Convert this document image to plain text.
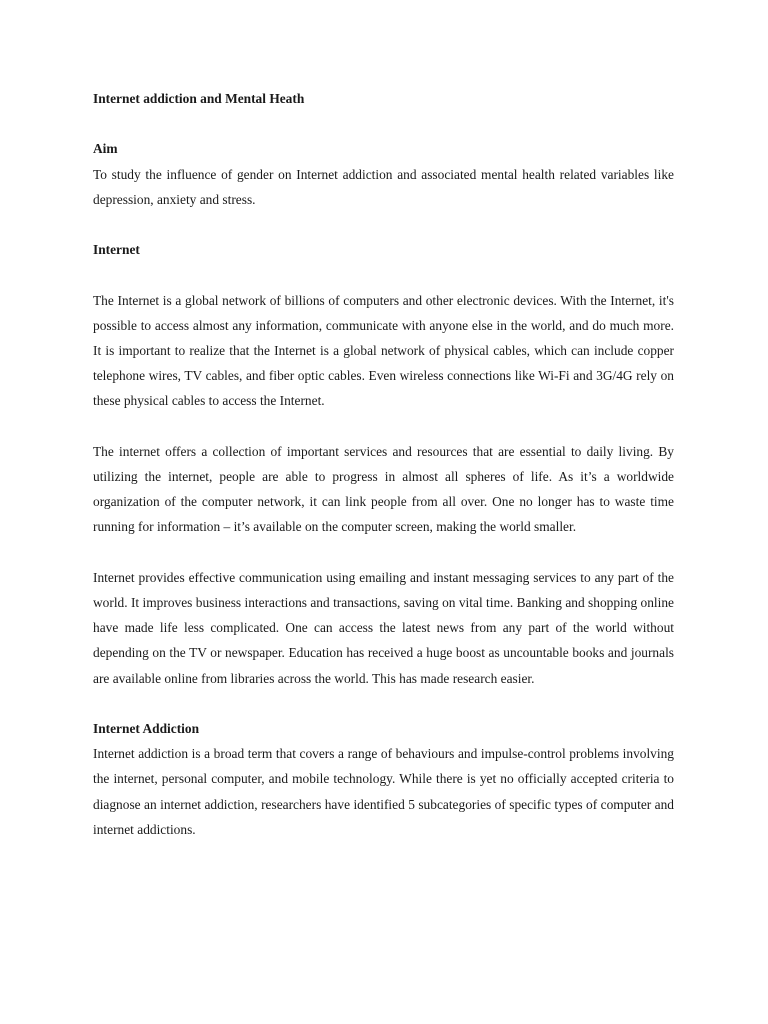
Internet addiction and Mental Heath

Aim

To study the influence of gender on Internet addiction and associated mental health related variables like depression, anxiety and stress.

Internet

The Internet is a global network of billions of computers and other electronic devices. With the Internet, it's possible to access almost any information, communicate with anyone else in the world, and do much more. It is important to realize that the Internet is a global network of physical cables, which can include copper telephone wires, TV cables, and fiber optic cables. Even wireless connections like Wi-Fi and 3G/4G rely on these physical cables to access the Internet.

The internet offers a collection of important services and resources that are essential to daily living. By utilizing the internet, people are able to progress in almost all spheres of life. As it’s a worldwide organization of the computer network, it can link people from all over. One no longer has to waste time running for information – it’s available on the computer screen, making the world smaller.

Internet provides effective communication using emailing and instant messaging services to any part of the world. It improves business interactions and transactions, saving on vital time. Banking and shopping online have made life less complicated. One can access the latest news from any part of the world without depending on the TV or newspaper. Education has received a huge boost as uncountable books and journals are available online from libraries across the world. This has made research easier.

Internet Addiction

Internet addiction is a broad term that covers a range of behaviours and impulse-control problems involving the internet, personal computer, and mobile technology. While there is yet no officially accepted criteria to diagnose an internet addiction, researchers have identified 5 subcategories of specific types of computer and internet addictions.
